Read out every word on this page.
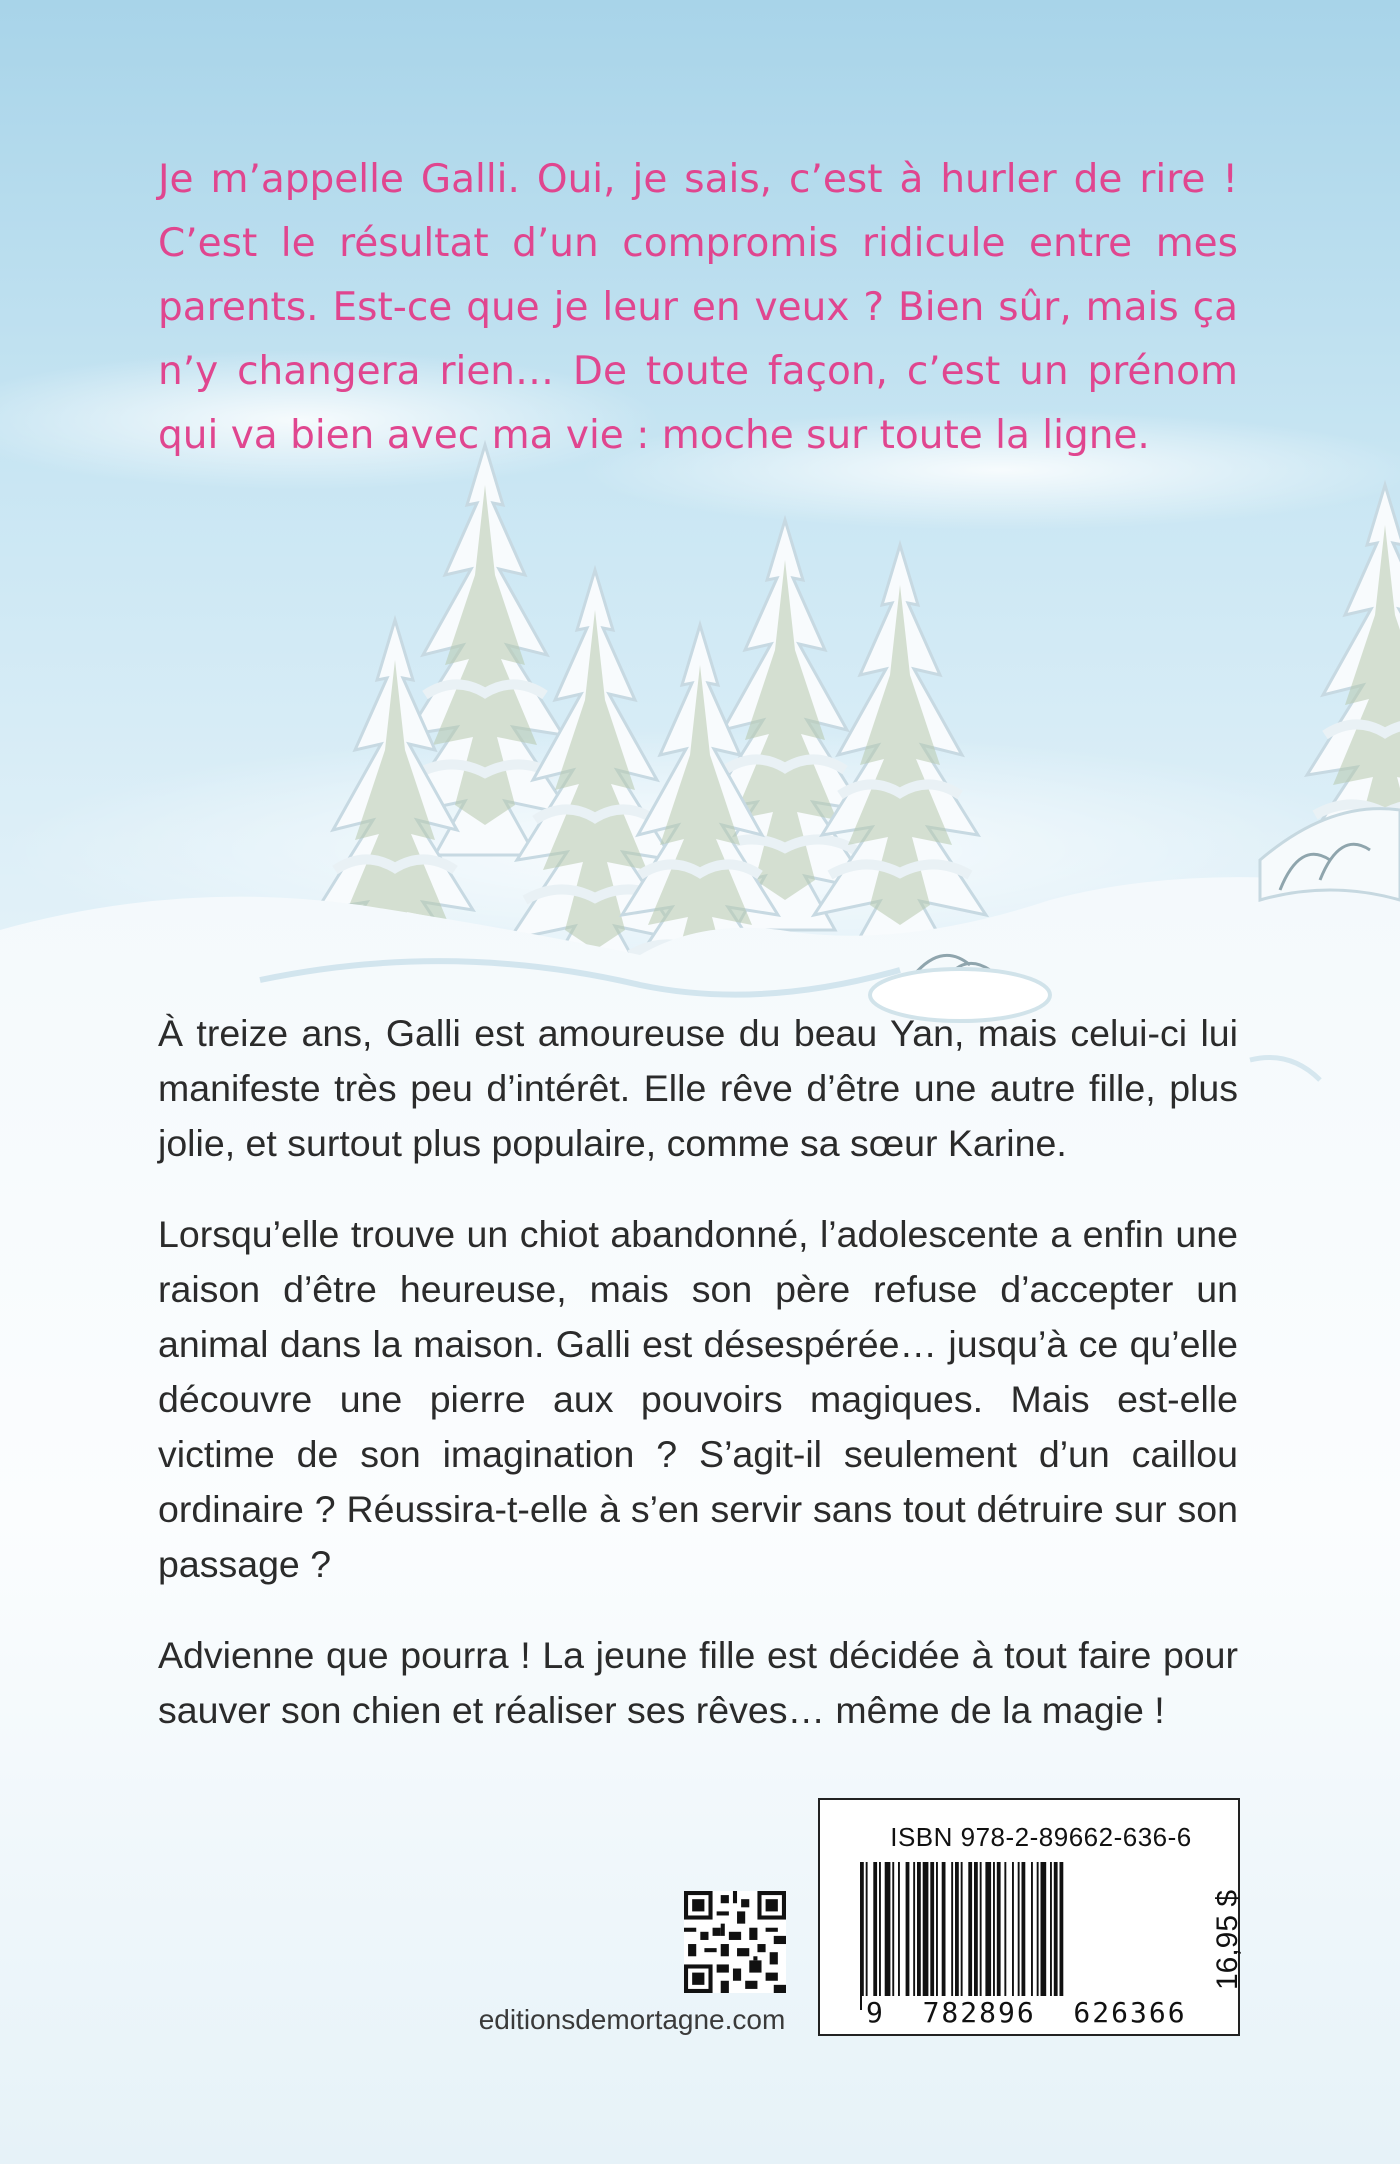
Je m’appelle Galli. Oui, je sais, c’est à hurler de rire ! C’est le résultat d’un compromis ridicule entre mes parents. Est-ce que je leur en veux ? Bien sûr, mais ça n’y changera rien… De toute façon, c’est un prénom qui va bien avec ma vie : moche sur toute la ligne.

À treize ans, Galli est amoureuse du beau Yan, mais celui-ci lui manifeste très peu d’intérêt. Elle rêve d’être une autre fille, plus jolie, et surtout plus populaire, comme sa sœur Karine.

Lorsqu’elle trouve un chiot abandonné, l’adolescente a enfin une raison d’être heureuse, mais son père refuse d’accepter un animal dans la maison. Galli est désespérée… jusqu’à ce qu’elle découvre une pierre aux pouvoirs magiques. Mais est-elle victime de son imagination ? S’agit-il seulement d’un caillou ordinaire ? Réussira-t-elle à s’en servir sans tout détruire sur son passage ?

Advienne que pourra ! La jeune fille est décidée à tout faire pour sauver son chien et réaliser ses rêves… même de la magie !

editionsdemortagne.com
ISBN 978-2-89662-636-6
9  782896  626366
16,95 $
